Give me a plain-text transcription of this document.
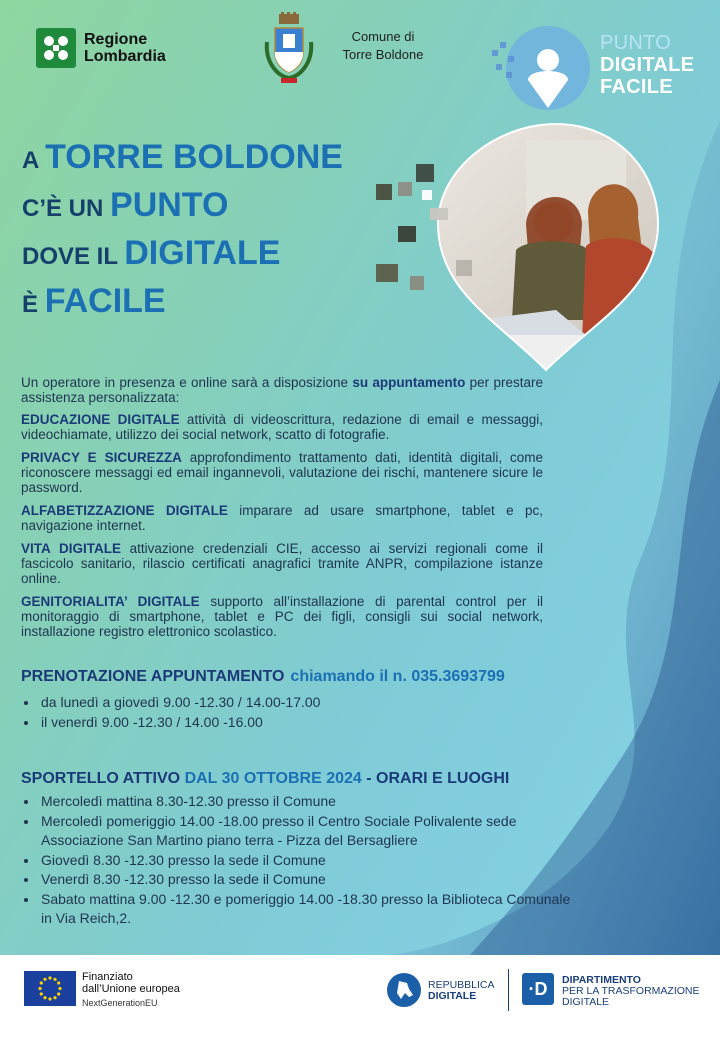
Regione
Lombardia
Comune di
Torre Boldone
PUNTO
DIGITALE
FACILE
A TORRE BOLDONE
C’È UN PUNTO
DOVE IL DIGITALE
È FACILE
Un operatore in presenza e online sarà a disposizione su appuntamento per prestare assistenza personalizzata:
EDUCAZIONE DIGITALE attività di videoscrittura, redazione di email e messaggi, videochiamate, utilizzo dei social network, scatto di fotografie.
PRIVACY E SICUREZZA approfondimento trattamento dati, identità digitali, come riconoscere messaggi ed email ingannevoli, valutazione dei rischi, mantenere sicure le password.
ALFABETIZZAZIONE DIGITALE imparare ad usare smartphone, tablet e pc, navigazione internet.
VITA DIGITALE attivazione credenziali CIE, accesso ai servizi regionali come il fascicolo sanitario, rilascio certificati anagrafici tramite ANPR, compilazione istanze online.
GENITORIALITA’ DIGITALE supporto all’installazione di parental control per il monitoraggio di smartphone, tablet e PC dei figli, consigli sui social network, installazione registro elettronico scolastico.
PRENOTAZIONE APPUNTAMENTO chiamando il n. 035.3693799
• da lunedì a giovedì 9.00 -12.30 / 14.00-17.00
• il venerdì 9.00 -12.30 / 14.00 -16.00
SPORTELLO ATTIVO DAL 30 OTTOBRE 2024 - ORARI E LUOGHI
• Mercoledì mattina 8.30-12.30 presso il Comune
• Mercoledì pomeriggio 14.00 -18.00 presso il Centro Sociale Polivalente sede Associazione San Martino piano terra - Pizza del Bersagliere
• Giovedì 8.30 -12.30 presso la sede il Comune
• Venerdì 8.30 -12.30 presso la sede il Comune
• Sabato mattina 9.00 -12.30 e pomeriggio 14.00 -18.30 presso la Biblioteca Comunale in Via Reich,2.
Finanziato
dall’Unione europea
NextGenerationEU
REPUBBLICA
DIGITALE	·D	DIPARTIMENTO
PER LA TRASFORMAZIONE
DIGITALE
